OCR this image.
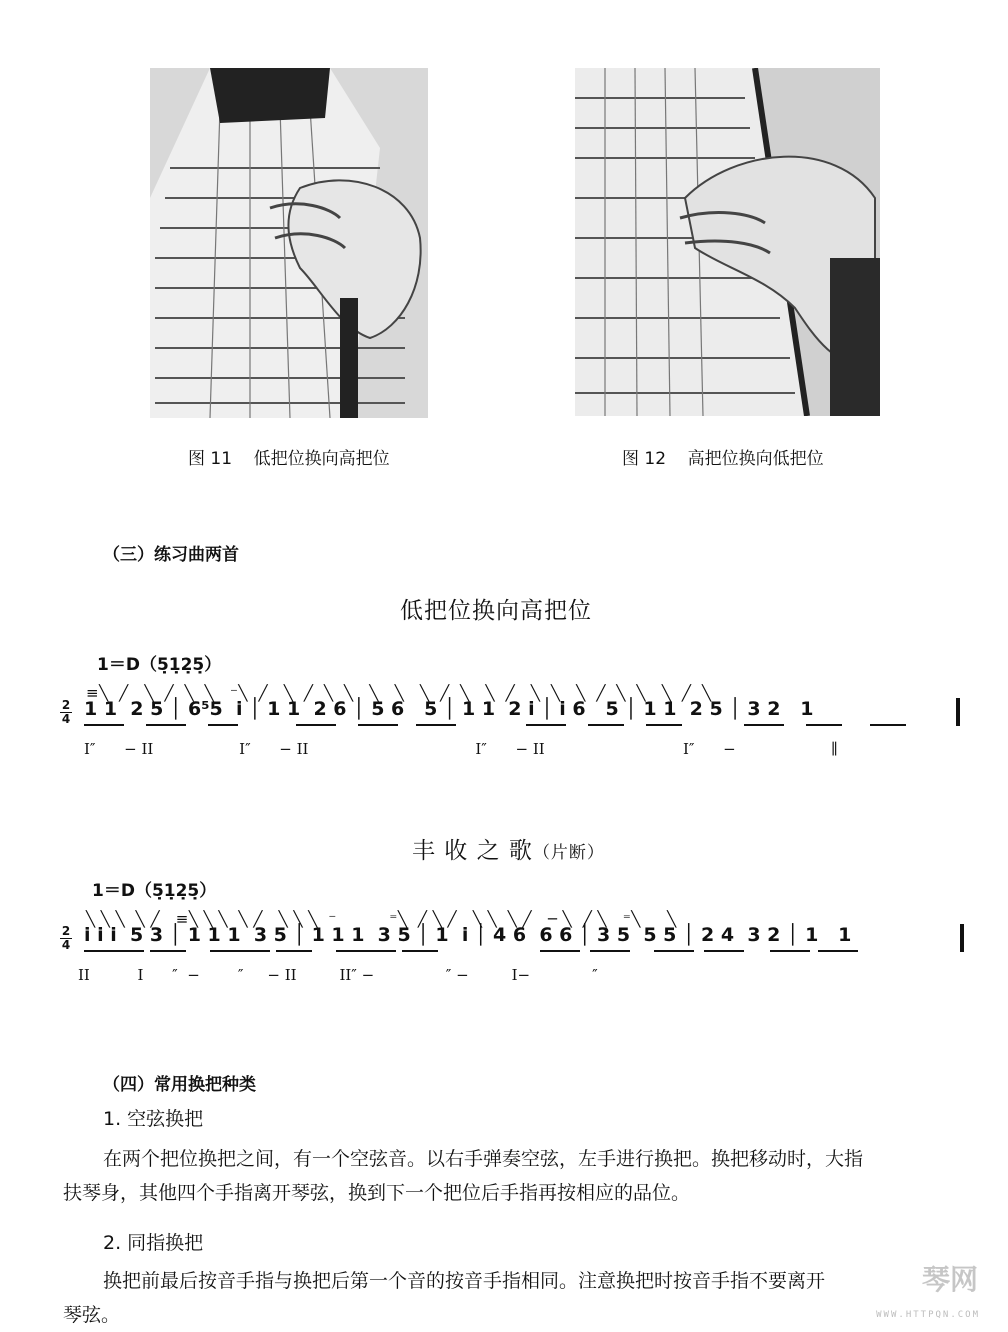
图 11    低把位换向高把位	图 12    高把位换向低把位
（三）练习曲两首
低把位换向高把位
1＝D（5̣1̣2̣5̣）
2
4
≡╲  ╱   ╲  ╱  ╲  ╲   ⁻╲  ╱   ╲  ╱  ╲  ╲   ╲   ╲   ╲  ╱  ╲   ╲  ╱   ╲  ╲   ╲  ╱  ╲  ╲   ╲  ╱  ╲
1 1  2 5 │ 6⁵5  i │ 1 1  2 6 │ 5 6   5 │ 1 1  2 i │ i 6   5 │ 1 1  2 5 │ 3 2   1
I″      − II                  I″      − II                                   I″      − II                             I″      −                    ∥
丰 收 之 歌（片断）
1＝D（5̣1̣2̣5̣）
2
4
╲ ╲ ╲  ╲ ╱   ≡╲ ╲ ╲  ╲ ╱   ╲ ╲ ╲  ⁻          ⁼╲  ╱ ╲ ╱   ╲ ╲  ╲ ╱   ─ ╲  ╱ ╲   ⁼╲     ╲
i i i  5 3 │ 1 1 1  3 5 │ 1 1 1  3 5 │ 1  i │ 4 6  6 6 │ 3 5  5 5 │ 2 4  3 2 │ 1   1
II          I      ″  −        ″     − II         II″ −               ″ −         I−             ″
（四）常用换把种类
1. 空弦换把
在两个把位换把之间，有一个空弦音。以右手弹奏空弦，左手进行换把。换把移动时，大指
扶琴身，其他四个手指离开琴弦，换到下一个把位后手指再按相应的品位。
2. 同指换把
换把前最后按音手指与换把后第一个音的按音手指相同。注意换把时按音手指不要离开
琴弦。
琴网
WWW.HTTPQN.COM
